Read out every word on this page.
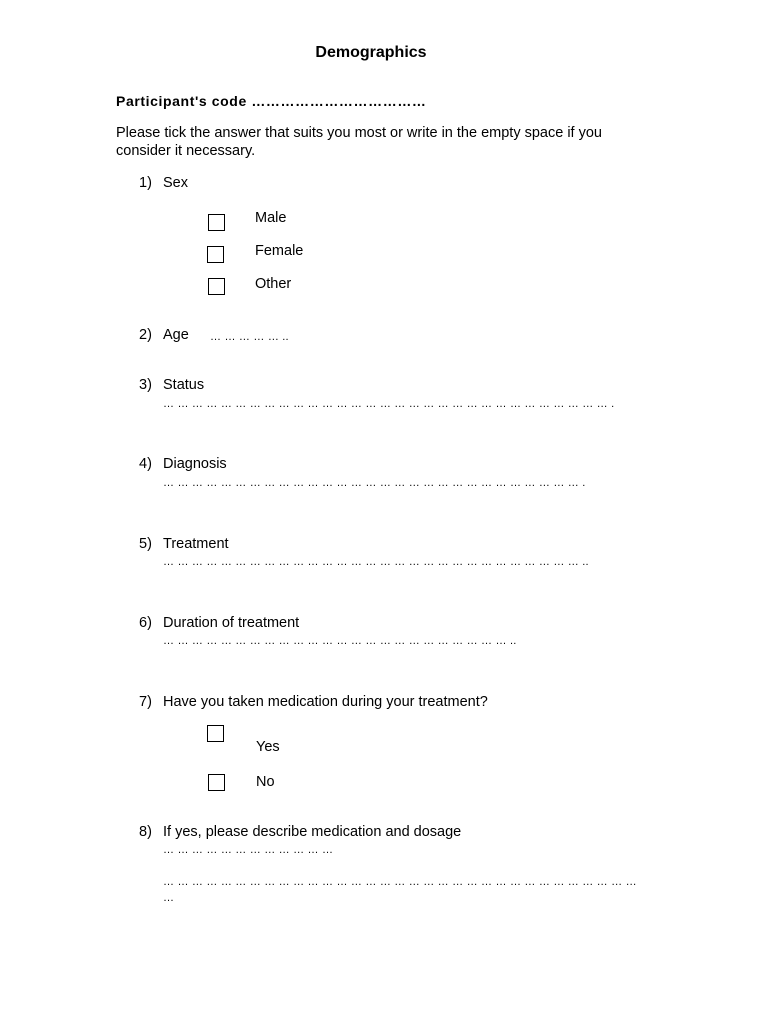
Demographics
Participant's code ………………………………
Please tick the answer that suits you most or write in the empty space if you consider it necessary.
1) Sex
Male
Female
Other
2) Age … … … … … ..
3) Status
… … … … … … … … … … … … … … … … … … … … … … … … … … … … … … … .
4) Diagnosis
… … … … … … … … … … … … … … … … … … … … … … … … … … … … … .
5) Treatment
… … … … … … … … … … … … … … … … … … … … … … … … … … … … … ..
6) Duration of treatment
… … … … … … … … … … … … … … … … … … … … … … … … ..
7) Have you taken medication during your treatment?
Yes
No
8) If yes, please describe medication and dosage
… … … … … … … … … … … …
… … … … … … … … … … … … … … … … … … … … … … … … … … … … … … … … …
…
